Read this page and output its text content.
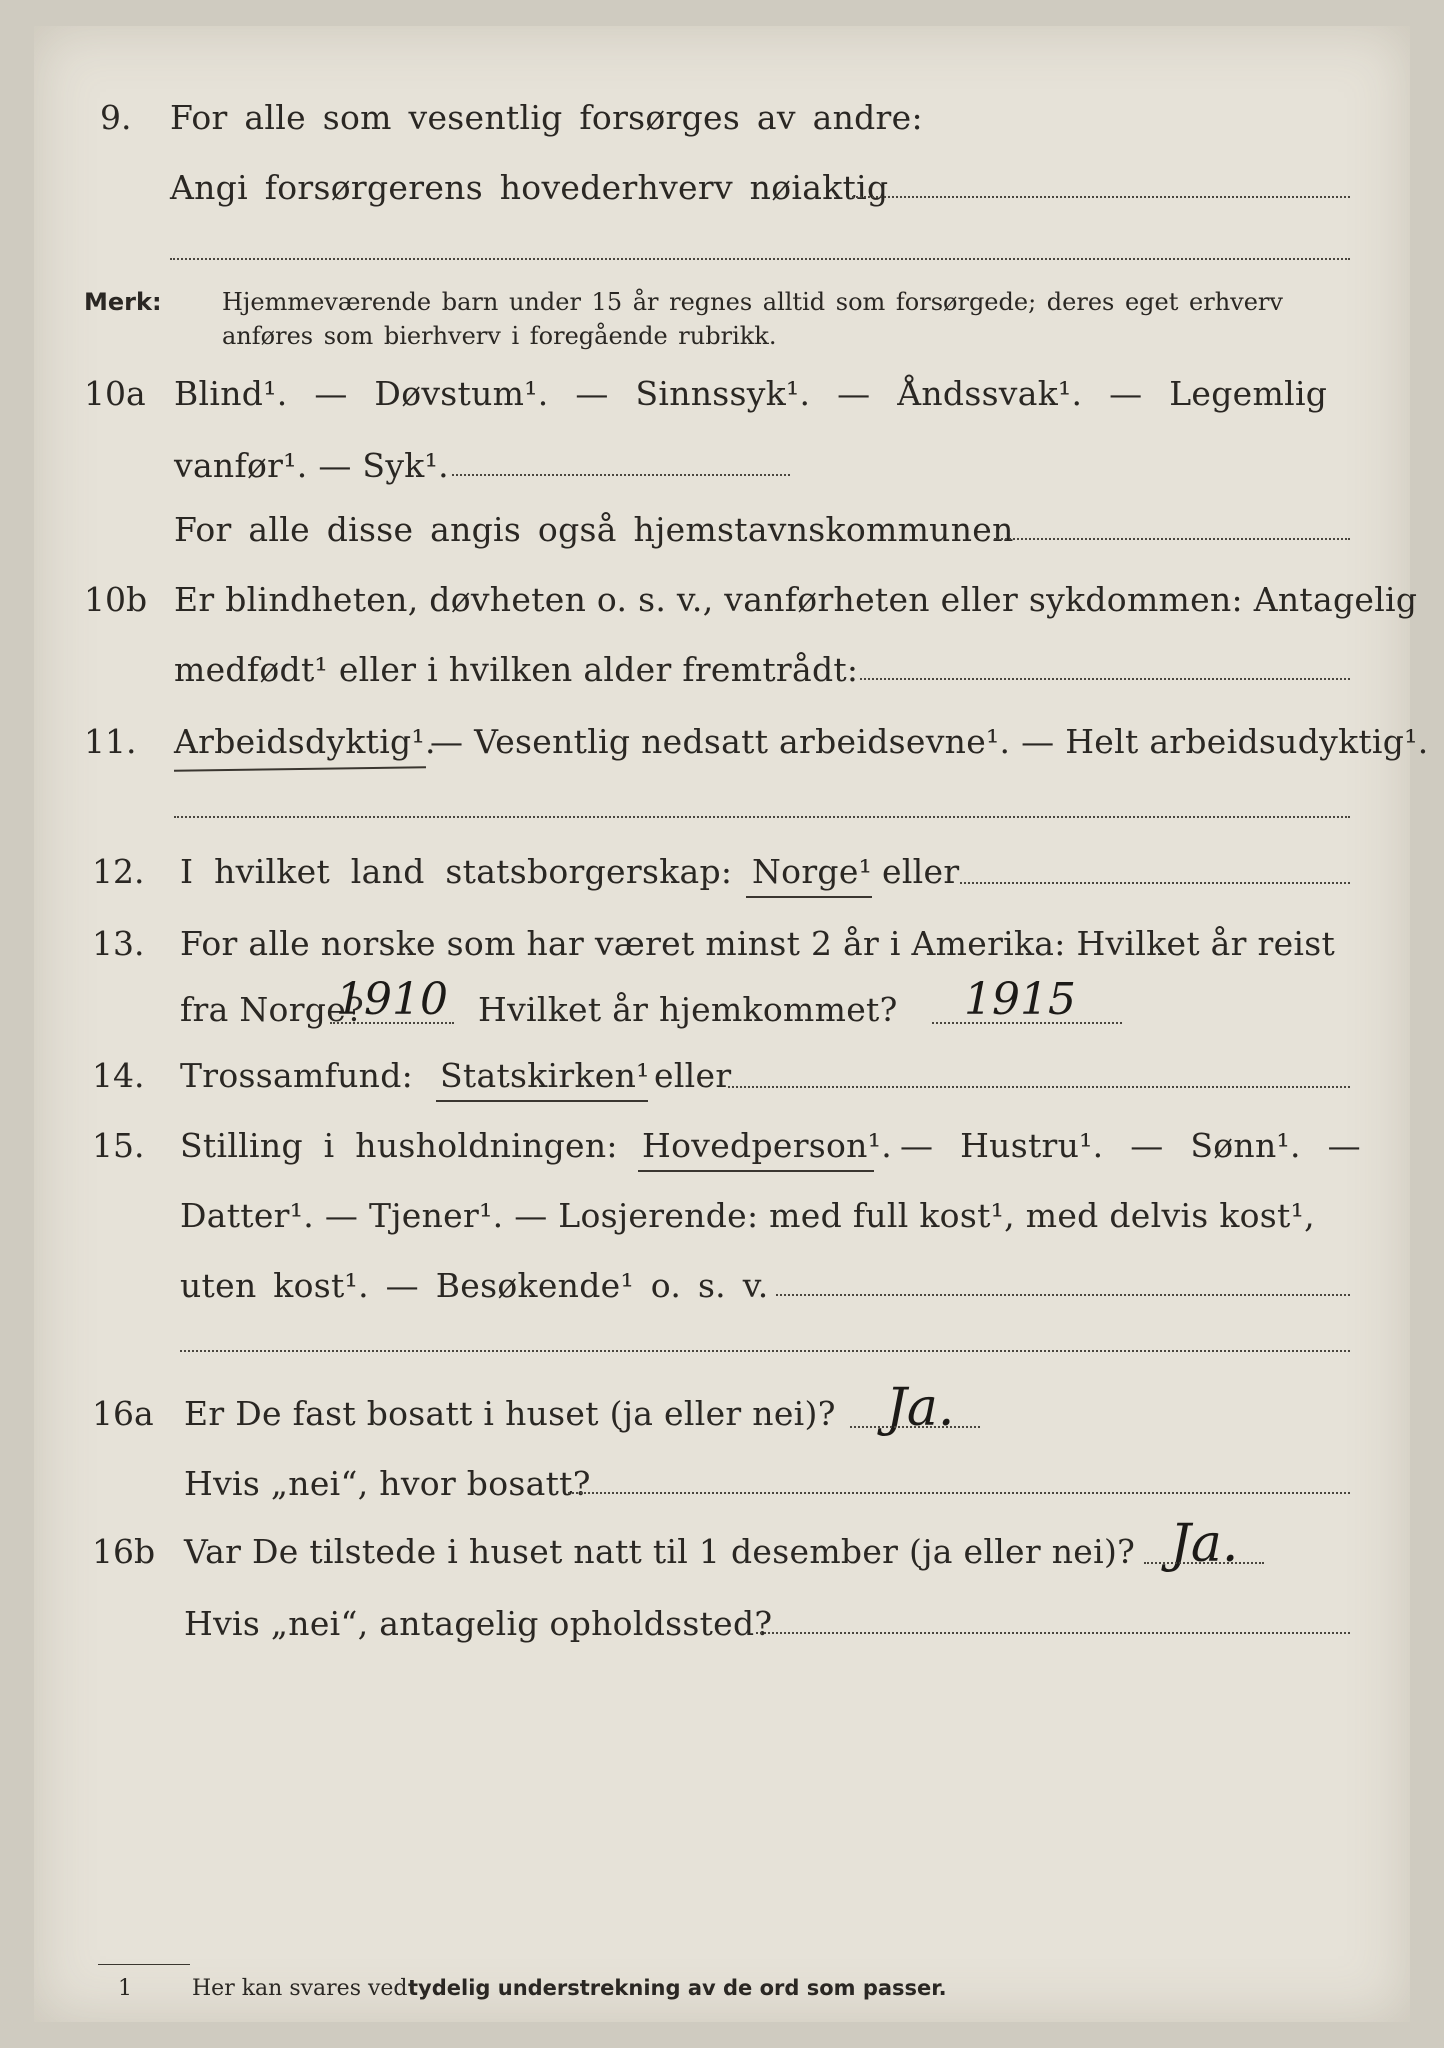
9. For alle som vesentlig forsørges av andre:
Angi forsørgerens hovederhverv nøiaktig
Merk:	Hjemmeværende barn under 15 år regnes alltid som forsørgede; deres eget erhverv
anføres som bierhverv i foregående rubrikk.
10a Blind¹. — Døvstum¹. — Sinnssyk¹. — Åndssvak¹. — Legemlig
vanfør¹. — Syk¹.
For alle disse angis også hjemstavnskommunen
10b Er blindheten, døvheten o. s. v., vanførheten eller sykdommen: Antagelig
medfødt¹ eller i hvilken alder fremtrådt:
11. Arbeidsdyktig¹.
— Vesentlig nedsatt arbeidsevne¹. — Helt arbeidsudyktig¹.
12. I hvilket land statsborgerskap: Norge¹ eller
13. For alle norske som har været minst 2 år i Amerika: Hvilket år reist
fra Norge?
1910 Hvilket år hjemkommet? 1915
14. Trossamfund: Statskirken¹ eller
15. Stilling i husholdningen: Hovedperson¹. — Hustru¹. — Sønn¹. —
Datter¹. — Tjener¹. — Losjerende: med full kost¹, med delvis kost¹,
uten kost¹. — Besøkende¹ o. s. v.
16a Er De fast bosatt i huset (ja eller nei)? Ja.
Hvis „nei“, hvor bosatt?
16b Var De tilstede i huset natt til 1 desember (ja eller nei)? Ja.
Hvis „nei“, antagelig opholdssted?
1	Her kan svares ved tydelig understrekning av de ord som passer.
